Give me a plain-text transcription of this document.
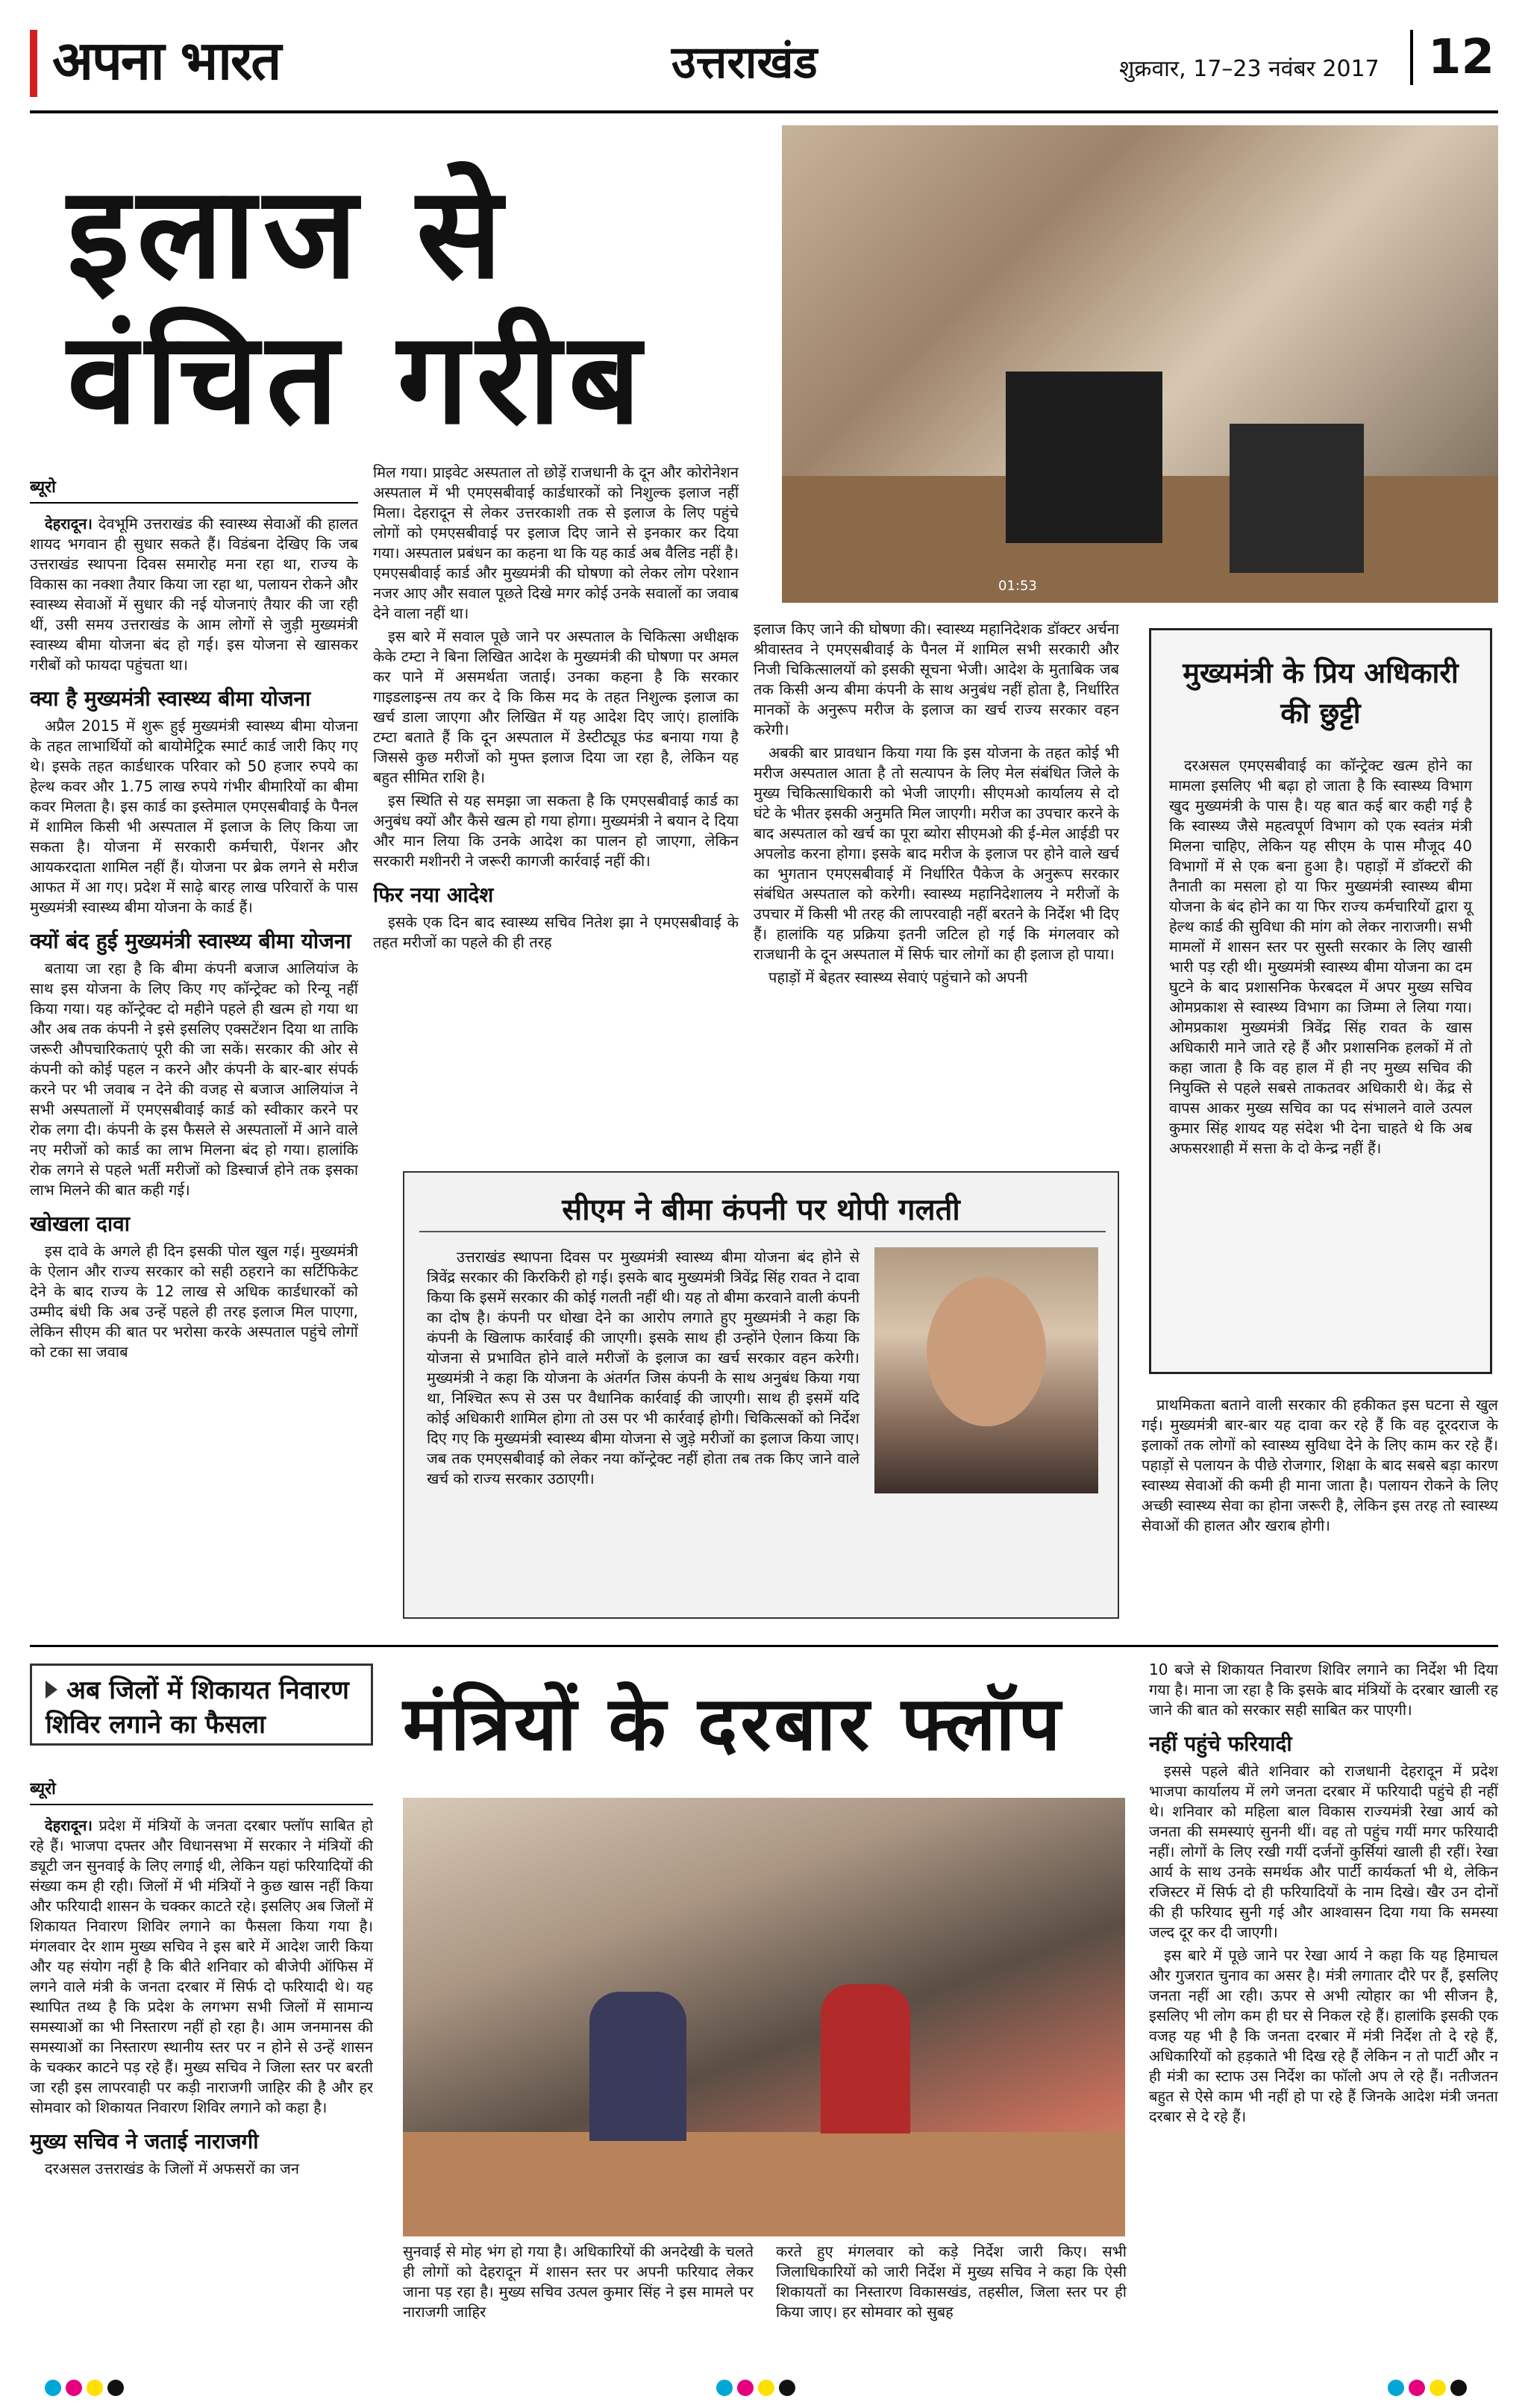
अपना भारत	उत्तराखंड	शुक्रवार, 17–23 नवंबर 2017	12
इलाज से
वंचित गरीब
01:53
ब्यूरो

देहरादून। देवभूमि उत्तराखंड की स्वास्थ्य सेवाओं की हालत शायद भगवान ही सुधार सकते हैं। विडंबना देखिए कि जब उत्तराखंड स्थापना दिवस समारोह मना रहा था, राज्य के विकास का नक्शा तैयार किया जा रहा था, पलायन रोकने और स्वास्थ्य सेवाओं में सुधार की नई योजनाएं तैयार की जा रही थीं, उसी समय उत्तराखंड के आम लोगों से जुड़ी मुख्यमंत्री स्वास्थ्य बीमा योजना बंद हो गई। इस योजना से खासकर गरीबों को फायदा पहुंचता था।

क्या है मुख्यमंत्री स्वास्थ्य बीमा योजना

अप्रैल 2015 में शुरू हुई मुख्यमंत्री स्वास्थ्य बीमा योजना के तहत लाभार्थियों को बायोमेट्रिक स्मार्ट कार्ड जारी किए गए थे। इसके तहत कार्डधारक परिवार को 50 हजार रुपये का हेल्थ कवर और 1.75 लाख रुपये गंभीर बीमारियों का बीमा कवर मिलता है। इस कार्ड का इस्तेमाल एमएसबीवाई के पैनल में शामिल किसी भी अस्पताल में इलाज के लिए किया जा सकता है। योजना में सरकारी कर्मचारी, पेंशनर और आयकरदाता शामिल नहीं हैं। योजना पर ब्रेक लगने से मरीज आफत में आ गए। प्रदेश में साढ़े बारह लाख परिवारों के पास मुख्यमंत्री स्वास्थ्य बीमा योजना के कार्ड हैं।

क्यों बंद हुई मुख्यमंत्री स्वास्थ्य बीमा योजना

बताया जा रहा है कि बीमा कंपनी बजाज आलियांज के साथ इस योजना के लिए किए गए कॉन्ट्रेक्ट को रिन्यू नहीं किया गया। यह कॉन्ट्रेक्ट दो महीने पहले ही खत्म हो गया था और अब तक कंपनी ने इसे इसलिए एक्सटेंशन दिया था ताकि जरूरी औपचारिकताएं पूरी की जा सकें। सरकार की ओर से कंपनी को कोई पहल न करने और कंपनी के बार-बार संपर्क करने पर भी जवाब न देने की वजह से बजाज आलियांज ने सभी अस्पतालों में एमएसबीवाई कार्ड को स्वीकार करने पर रोक लगा दी। कंपनी के इस फैसले से अस्पतालों में आने वाले नए मरीजों को कार्ड का लाभ मिलना बंद हो गया। हालांकि रोक लगने से पहले भर्ती मरीजों को डिस्चार्ज होने तक इसका लाभ मिलने की बात कही गई।

खोखला दावा

इस दावे के अगले ही दिन इसकी पोल खुल गई। मुख्यमंत्री के ऐलान और राज्य सरकार को सही ठहराने का सर्टिफिकेट देने के बाद राज्य के 12 लाख से अधिक कार्डधारकों को उम्मीद बंधी कि अब उन्हें पहले ही तरह इलाज मिल पाएगा, लेकिन सीएम की बात पर भरोसा करके अस्पताल पहुंचे लोगों को टका सा जवाब

मिल गया। प्राइवेट अस्पताल तो छोड़ें राजधानी के दून और कोरोनेशन अस्पताल में भी एमएसबीवाई कार्डधारकों को निशुल्क इलाज नहीं मिला। देहरादून से लेकर उत्तरकाशी तक से इलाज के लिए पहुंचे लोगों को एमएसबीवाई पर इलाज दिए जाने से इनकार कर दिया गया। अस्पताल प्रबंधन का कहना था कि यह कार्ड अब वैलिड नहीं है। एमएसबीवाई कार्ड और मुख्यमंत्री की घोषणा को लेकर लोग परेशान नजर आए और सवाल पूछते दिखे मगर कोई उनके सवालों का जवाब देने वाला नहीं था।

इस बारे में सवाल पूछे जाने पर अस्पताल के चिकित्सा अधीक्षक केके टम्टा ने बिना लिखित आदेश के मुख्यमंत्री की घोषणा पर अमल कर पाने में असमर्थता जताई। उनका कहना है कि सरकार गाइडलाइन्स तय कर दे कि किस मद के तहत निशुल्क इलाज का खर्च डाला जाएगा और लिखित में यह आदेश दिए जाएं। हालांकि टम्टा बताते हैं कि दून अस्पताल में डेस्टीट्यूड फंड बनाया गया है जिससे कुछ मरीजों को मुफ्त इलाज दिया जा रहा है, लेकिन यह बहुत सीमित राशि है।

इस स्थिति से यह समझा जा सकता है कि एमएसबीवाई कार्ड का अनुबंध क्यों और कैसे खत्म हो गया होगा। मुख्यमंत्री ने बयान दे दिया और मान लिया कि उनके आदेश का पालन हो जाएगा, लेकिन सरकारी मशीनरी ने जरूरी कागजी कार्रवाई नहीं की।

फिर नया आदेश

इसके एक दिन बाद स्वास्थ्य सचिव नितेश झा ने एमएसबीवाई के तहत मरीजों का पहले की ही तरह

इलाज किए जाने की घोषणा की। स्वास्थ्य महानिदेशक डॉक्टर अर्चना श्रीवास्तव ने एमएसबीवाई के पैनल में शामिल सभी सरकारी और निजी चिकित्सालयों को इसकी सूचना भेजी। आदेश के मुताबिक जब तक किसी अन्य बीमा कंपनी के साथ अनुबंध नहीं होता है, निर्धारित मानकों के अनुरूप मरीज के इलाज का खर्च राज्य सरकार वहन करेगी।

अबकी बार प्रावधान किया गया कि इस योजना के तहत कोई भी मरीज अस्पताल आता है तो सत्यापन के लिए मेल संबंधित जिले के मुख्य चिकित्साधिकारी को भेजी जाएगी। सीएमओ कार्यालय से दो घंटे के भीतर इसकी अनुमति मिल जाएगी। मरीज का उपचार करने के बाद अस्पताल को खर्च का पूरा ब्योरा सीएमओ की ई-मेल आईडी पर अपलोड करना होगा। इसके बाद मरीज के इलाज पर होने वाले खर्च का भुगतान एमएसबीवाई में निर्धारित पैकेज के अनुरूप सरकार संबंधित अस्पताल को करेगी। स्वास्थ्य महानिदेशालय ने मरीजों के उपचार में किसी भी तरह की लापरवाही नहीं बरतने के निर्देश भी दिए हैं। हालांकि यह प्रक्रिया इतनी जटिल हो गई कि मंगलवार को राजधानी के दून अस्पताल में सिर्फ चार लोगों का ही इलाज हो पाया।

पहाड़ों में बेहतर स्वास्थ्य सेवाएं पहुंचाने को अपनी

मुख्यमंत्री के प्रिय अधिकारी की छुट्टी

दरअसल एमएसबीवाई का कॉन्ट्रेक्ट खत्म होने का मामला इसलिए भी बढ़ा हो जाता है कि स्वास्थ्य विभाग खुद मुख्यमंत्री के पास है। यह बात कई बार कही गई है कि स्वास्थ्य जैसे महत्वपूर्ण विभाग को एक स्वतंत्र मंत्री मिलना चाहिए, लेकिन यह सीएम के पास मौजूद 40 विभागों में से एक बना हुआ है। पहाड़ों में डॉक्टरों की तैनाती का मसला हो या फिर मुख्यमंत्री स्वास्थ्य बीमा योजना के बंद होने का या फिर राज्य कर्मचारियों द्वारा यू हेल्थ कार्ड की सुविधा की मांग को लेकर नाराजगी। सभी मामलों में शासन स्तर पर सुस्ती सरकार के लिए खासी भारी पड़ रही थी। मुख्यमंत्री स्वास्थ्य बीमा योजना का दम घुटने के बाद प्रशासनिक फेरबदल में अपर मुख्य सचिव ओमप्रकाश से स्वास्थ्य विभाग का जिम्मा ले लिया गया। ओमप्रकाश मुख्यमंत्री त्रिवेंद्र सिंह रावत के खास अधिकारी माने जाते रहे हैं और प्रशासनिक हलकों में तो कहा जाता है कि वह हाल में ही नए मुख्य सचिव की नियुक्ति से पहले सबसे ताकतवर अधिकारी थे। केंद्र से वापस आकर मुख्य सचिव का पद संभालने वाले उत्पल कुमार सिंह शायद यह संदेश भी देना चाहते थे कि अब अफसरशाही में सत्ता के दो केन्द्र नहीं हैं।

प्राथमिकता बताने वाली सरकार की हकीकत इस घटना से खुल गई। मुख्यमंत्री बार-बार यह दावा कर रहे हैं कि वह दूरदराज के इलाकों तक लोगों को स्वास्थ्य सुविधा देने के लिए काम कर रहे हैं। पहाड़ों से पलायन के पीछे रोजगार, शिक्षा के बाद सबसे बड़ा कारण स्वास्थ्य सेवाओं की कमी ही माना जाता है। पलायन रोकने के लिए अच्छी स्वास्थ्य सेवा का होना जरूरी है, लेकिन इस तरह तो स्वास्थ्य सेवाओं की हालत और खराब होगी।

सीएम ने बीमा कंपनी पर थोपी गलती

उत्तराखंड स्थापना दिवस पर मुख्यमंत्री स्वास्थ्य बीमा योजना बंद होने से त्रिवेंद्र सरकार की किरकिरी हो गई। इसके बाद मुख्यमंत्री त्रिवेंद्र सिंह रावत ने दावा किया कि इसमें सरकार की कोई गलती नहीं थी। यह तो बीमा करवाने वाली कंपनी का दोष है। कंपनी पर धोखा देने का आरोप लगाते हुए मुख्यमंत्री ने कहा कि कंपनी के खिलाफ कार्रवाई की जाएगी। इसके साथ ही उन्होंने ऐलान किया कि योजना से प्रभावित होने वाले मरीजों के इलाज का खर्च सरकार वहन करेगी। मुख्यमंत्री ने कहा कि योजना के अंतर्गत जिस कंपनी के साथ अनुबंध किया गया था, निश्चित रूप से उस पर वैधानिक कार्रवाई की जाएगी। साथ ही इसमें यदि कोई अधिकारी शामिल होगा तो उस पर भी कार्रवाई होगी। चिकित्सकों को निर्देश दिए गए कि मुख्यमंत्री स्वास्थ्य बीमा योजना से जुड़े मरीजों का इलाज किया जाए। जब तक एमएसबीवाई को लेकर नया कॉन्ट्रेक्ट नहीं होता तब तक किए जाने वाले खर्च को राज्य सरकार उठाएगी।

अब जिलों में शिकायत निवारण शिविर लगाने का फैसला	मंत्रियों के दरबार फ्लॉप
ब्यूरो

देहरादून। प्रदेश में मंत्रियों के जनता दरबार फ्लॉप साबित हो रहे हैं। भाजपा दफ्तर और विधानसभा में सरकार ने मंत्रियों की ड्यूटी जन सुनवाई के लिए लगाई थी, लेकिन यहां फरियादियों की संख्या कम ही रही। जिलों में भी मंत्रियों ने कुछ खास नहीं किया और फरियादी शासन के चक्कर काटते रहे। इसलिए अब जिलों में शिकायत निवारण शिविर लगाने का फैसला किया गया है। मंगलवार देर शाम मुख्य सचिव ने इस बारे में आदेश जारी किया और यह संयोग नहीं है कि बीते शनिवार को बीजेपी ऑफिस में लगने वाले मंत्री के जनता दरबार में सिर्फ दो फरियादी थे। यह स्थापित तथ्य है कि प्रदेश के लगभग सभी जिलों में सामान्य समस्याओं का भी निस्तारण नहीं हो रहा है। आम जनमानस की समस्याओं का निस्तारण स्थानीय स्तर पर न होने से उन्हें शासन के चक्कर काटने पड़ रहे हैं। मुख्य सचिव ने जिला स्तर पर बरती जा रही इस लापरवाही पर कड़ी नाराजगी जाहिर की है और हर सोमवार को शिकायत निवारण शिविर लगाने को कहा है।

मुख्य सचिव ने जताई नाराजगी

दरअसल उत्तराखंड के जिलों में अफसरों का जन

सुनवाई से मोह भंग हो गया है। अधिकारियों की अनदेखी के चलते ही लोगों को देहरादून में शासन स्तर पर अपनी फरियाद लेकर जाना पड़ रहा है। मुख्य सचिव उत्पल कुमार सिंह ने इस मामले पर नाराजगी जाहिर

करते हुए मंगलवार को कड़े निर्देश जारी किए। सभी जिलाधिकारियों को जारी निर्देश में मुख्य सचिव ने कहा कि ऐसी शिकायतों का निस्तारण विकासखंड, तहसील, जिला स्तर पर ही किया जाए। हर सोमवार को सुबह

10 बजे से शिकायत निवारण शिविर लगाने का निर्देश भी दिया गया है। माना जा रहा है कि इसके बाद मंत्रियों के दरबार खाली रह जाने की बात को सरकार सही साबित कर पाएगी।

नहीं पहुंचे फरियादी

इससे पहले बीते शनिवार को राजधानी देहरादून में प्रदेश भाजपा कार्यालय में लगे जनता दरबार में फरियादी पहुंचे ही नहीं थे। शनिवार को महिला बाल विकास राज्यमंत्री रेखा आर्य को जनता की समस्याएं सुननी थीं। वह तो पहुंच गयीं मगर फरियादी नहीं। लोगों के लिए रखी गयीं दर्जनों कुर्सियां खाली ही रहीं। रेखा आर्य के साथ उनके समर्थक और पार्टी कार्यकर्ता भी थे, लेकिन रजिस्टर में सिर्फ दो ही फरियादियों के नाम दिखे। खैर उन दोनों की ही फरियाद सुनी गई और आश्वासन दिया गया कि समस्या जल्द दूर कर दी जाएगी।

इस बारे में पूछे जाने पर रेखा आर्य ने कहा कि यह हिमाचल और गुजरात चुनाव का असर है। मंत्री लगातार दौरे पर हैं, इसलिए जनता नहीं आ रही। ऊपर से अभी त्योहार का भी सीजन है, इसलिए भी लोग कम ही घर से निकल रहे हैं। हालांकि इसकी एक वजह यह भी है कि जनता दरबार में मंत्री निर्देश तो दे रहे हैं, अधिकारियों को हड़काते भी दिख रहे हैं लेकिन न तो पार्टी और न ही मंत्री का स्टाफ उस निर्देश का फॉलो अप ले रहे हैं। नतीजतन बहुत से ऐसे काम भी नहीं हो पा रहे हैं जिनके आदेश मंत्री जनता दरबार से दे रहे हैं।
